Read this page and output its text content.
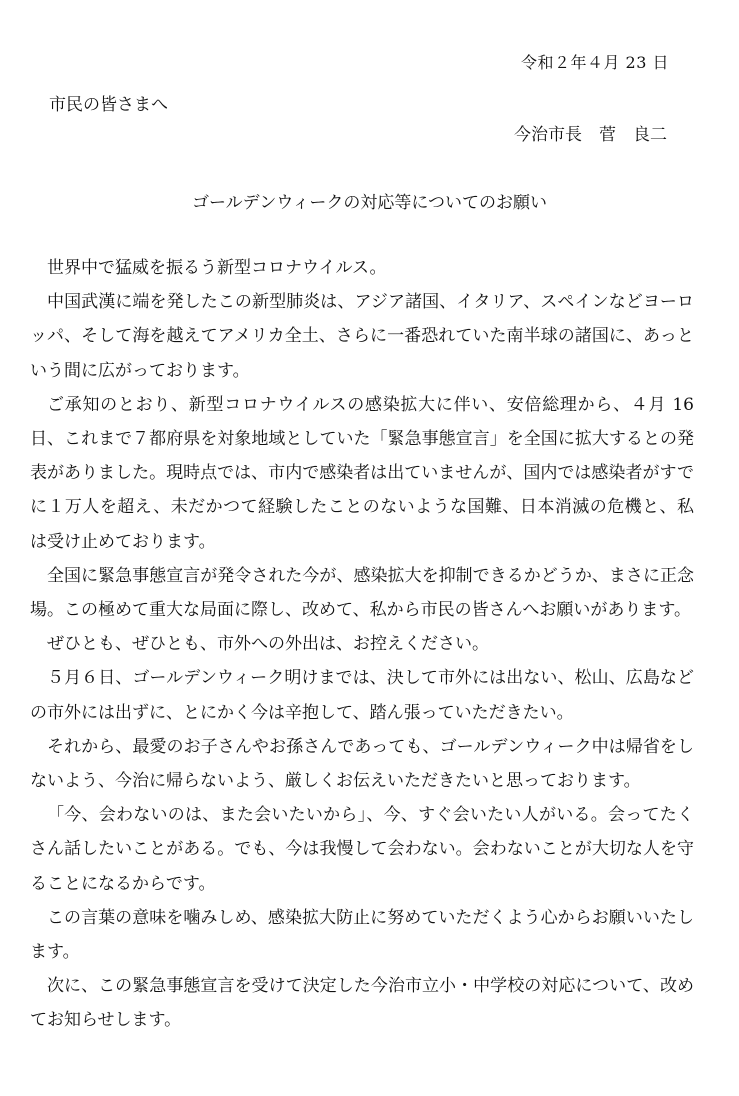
令和２年４月 23 日
市民の皆さまへ
今治市長　菅　良二
ゴールデンウィークの対応等についてのお願い

世界中で猛威を振るう新型コロナウイルス。

中国武漢に端を発したこの新型肺炎は、アジア諸国、イタリア、スペインなどヨーロッパ、そして海を越えてアメリカ全土、さらに一番恐れていた南半球の諸国に、あっという間に広がっております。

ご承知のとおり、新型コロナウイルスの感染拡大に伴い、安倍総理から、４月 16 日、これまで７都府県を対象地域としていた「緊急事態宣言」を全国に拡大するとの発表がありました。現時点では、市内で感染者は出ていませんが、国内では感染者がすでに１万人を超え、未だかつて経験したことのないような国難、日本消滅の危機と、私は受け止めております。

全国に緊急事態宣言が発令された今が、感染拡大を抑制できるかどうか、まさに正念場。この極めて重大な局面に際し、改めて、私から市民の皆さんへお願いがあります。

ぜひとも、ぜひとも、市外への外出は、お控えください。

５月６日、ゴールデンウィーク明けまでは、決して市外には出ない、松山、広島などの市外には出ずに、とにかく今は辛抱して、踏ん張っていただきたい。

それから、最愛のお子さんやお孫さんであっても、ゴールデンウィーク中は帰省をしないよう、今治に帰らないよう、厳しくお伝えいただきたいと思っております。

「今、会わないのは、また会いたいから」、今、すぐ会いたい人がいる。会ってたくさん話したいことがある。でも、今は我慢して会わない。会わないことが大切な人を守ることになるからです。

この言葉の意味を噛みしめ、感染拡大防止に努めていただくよう心からお願いいたします。

次に、この緊急事態宣言を受けて決定した今治市立小・中学校の対応について、改めてお知らせします。
